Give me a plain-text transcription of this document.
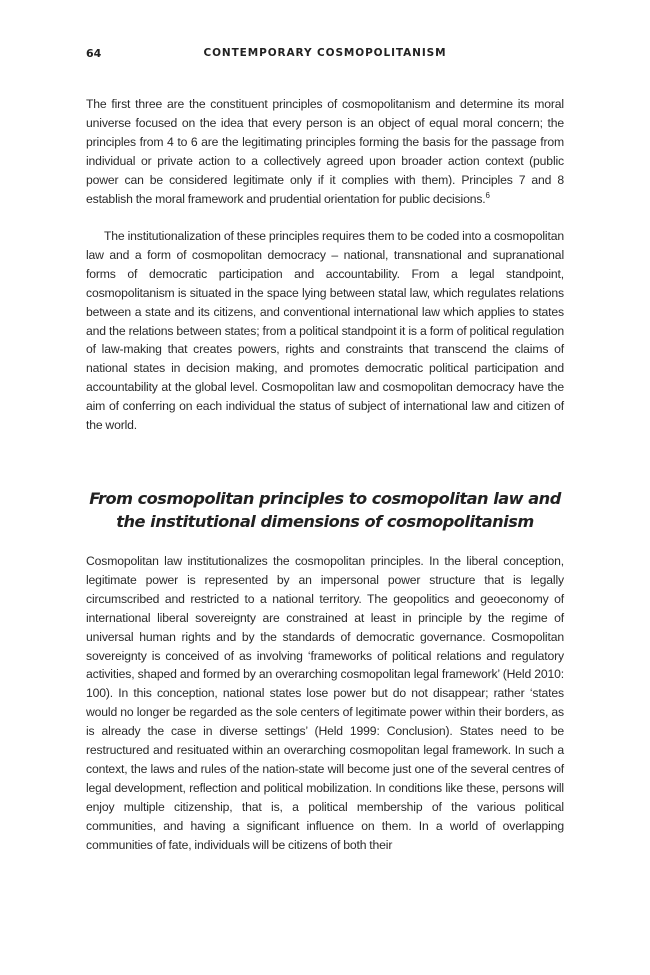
64	CONTEMPORARY COSMOPOLITANISM

The first three are the constituent principles of cosmopolitanism and determine its moral universe focused on the idea that every person is an object of equal moral concern; the principles from 4 to 6 are the legitimating principles forming the basis for the passage from individual or private action to a collectively agreed upon broader action context (public power can be considered legitimate only if it complies with them). Principles 7 and 8 establish the moral framework and prudential orientation for public decisions.$^6$

The institutionalization of these principles requires them to be coded into a cosmopolitan law and a form of cosmopolitan democracy – national, transnational and supranational forms of democratic participation and accountability. From a legal standpoint, cosmopolitanism is situated in the space lying between statal law, which regulates relations between a state and its citizens, and conventional international law which applies to states and the relations between states; from a political standpoint it is a form of political regulation of law-making that creates powers, rights and constraints that transcend the claims of national states in decision making, and promotes democratic political participation and accountability at the global level. Cosmopolitan law and cosmopolitan democracy have the aim of conferring on each individual the status of subject of international law and citizen of the world.

From cosmopolitan principles to cosmopolitan law and
the institutional dimensions of cosmopolitanism

Cosmopolitan law institutionalizes the cosmopolitan principles. In the liberal conception, legitimate power is represented by an impersonal power structure that is legally circumscribed and restricted to a national territory. The geopolitics and geoeconomy of international liberal sovereignty are constrained at least in principle by the regime of universal human rights and by the standards of democratic governance. Cosmopolitan sovereignty is conceived of as involving ‘frameworks of political relations and regulatory activities, shaped and formed by an overarching cosmopolitan legal framework’ (Held 2010: 100). In this conception, national states lose power but do not disappear; rather ‘states would no longer be regarded as the sole centers of legitimate power within their borders, as is already the case in diverse settings’ (Held 1999: Conclusion). States need to be restructured and resituated within an overarching cosmopolitan legal framework. In such a context, the laws and rules of the nation-state will become just one of the several centres of legal development, reflection and political mobilization. In conditions like these, persons will enjoy multiple citizenship, that is, a political membership of the various political communities, and having a significant influence on them. In a world of overlapping communities of fate, individuals will be citizens of both their
